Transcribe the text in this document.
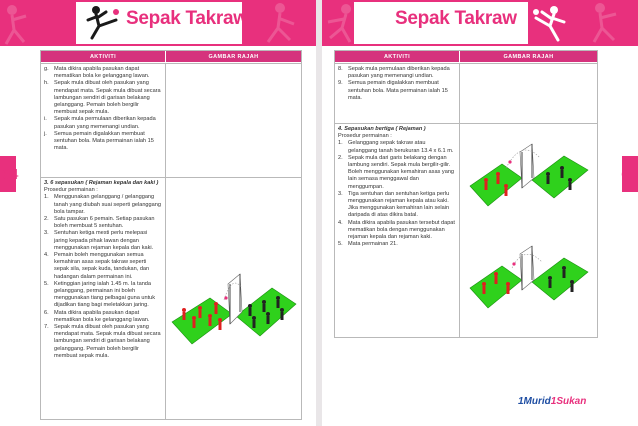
Sepak Takraw
64
AKTIVITI	GAMBAR RAJAH
g. Mata dikira apabila pasukan dapat mematikan bola ke gelanggang lawan.
h. Sepak mula dibuat oleh pasukan yang mendapat mata. Sepak mula dibuat secara lambungan sendiri di garisan belakang gelanggang. Pemain boleh bergilir membuat sepak mula.
i.	Sepak mula permulaan diberikan kepada pasukan yang memenangi undian.
j.	Semua pemain digalakkan membuat sentuhan bola. Mata permainan ialah 15 mata.
3. 6 sepasukan ( Rejaman kepala dan kaki )
Prosedur permainan :
1. Menggunakan gelanggang / gelanggang tanah yang diubah suai seperti gelanggang bola tampar.
2. Satu pasukan 6 pemain. Setiap pasukan boleh membuat 5 sentuhan.
3. Sentuhan ketiga mesti perlu melepasi jaring kepada pihak lawan dengan menggunakan rejaman kepala dan kaki.
4. Pemain boleh menggunakan semua kemahiran asas sepak takraw seperti sepak sila, sepak kuda, tandukan, dan hadangan dalam permainan ini.
5. Ketinggian jaring ialah 1.45 m. Ia tanda gelanggang, permainan ini boleh menggunakan tiang pelbagai guna untuk dijadikan tiang bagi meletakkan jaring.
6. Mata dikira apabila pasukan dapat mematikan bola ke gelanggang lawan.
7. Sepak mula dibuat oleh pasukan yang mendapat mata. Sepak mula dibuat secara lambungan sendiri di garisan belakang gelanggang. Pemain boleh bergilir membuat sepak mula.
Sepak Takraw
65
AKTIVITI	GAMBAR RAJAH
8. Sepak mula permulaan diberikan kepada pasukan yang memenangi undian.
9. Semua pemain digalakkan membuat sentuhan bola. Mata permainan ialah 15 mata.
4. Sepasukan bertiga ( Rejaman )
Prosedur permainan :
1. Gelanggang sepak takraw atau gelanggang tanah berukuran 13.4 x 6.1 m.
2. Sepak mula dari garis belakang dengan lambung sendiri. Sepak mula bergilir-gilir. Boleh menggunakan kemahiran asas yang lain semasa menggawal dan menggumpan.
3. Tiga sentuhan dan sentuhan ketiga perlu menggunakan rejaman kepala atau kaki. Jika menggunakan kemahiran lain selain daripada di atas dikira batal.
4. Mata dikira apabila pasukan tersebut dapat mematikan bola dengan menggunakan rejaman kepala dan rejaman kaki.
5. Mata permainan 21.
1Murid1Sukan
